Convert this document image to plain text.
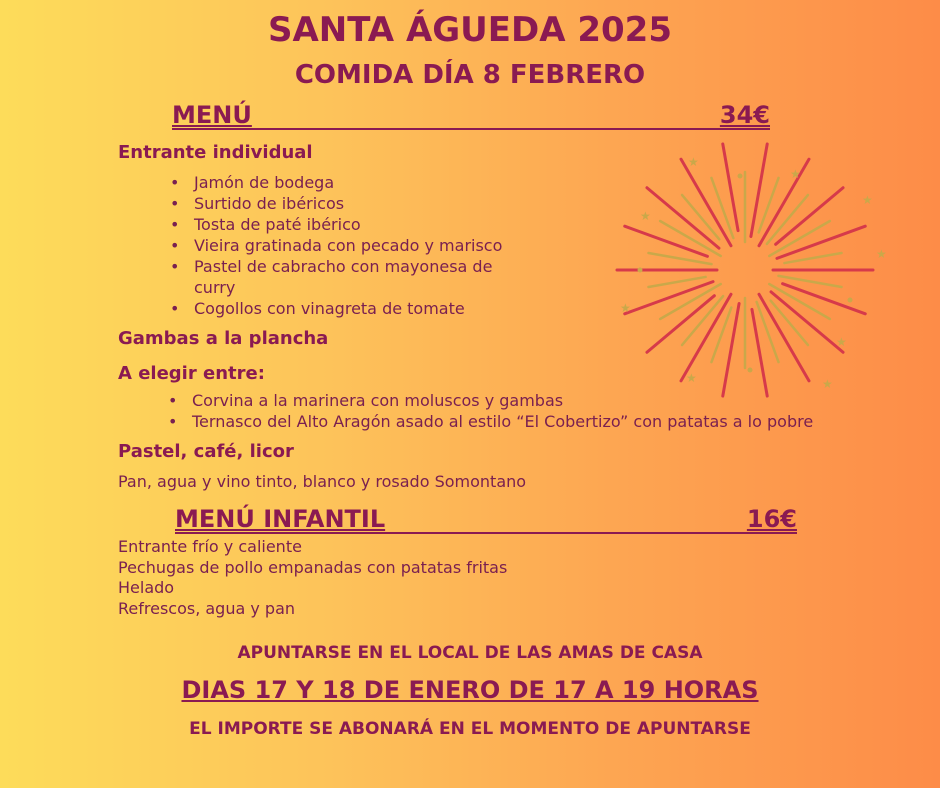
SANTA ÁGUEDA 2025
COMIDA DÍA 8 FEBRERO
MENÚ	34€
Entrante individual
• Jamón de bodega
• Surtido de ibéricos
• Tosta de paté ibérico
• Vieira gratinada con pecado y marisco
• Pastel de cabracho con mayonesa de curry
• Cogollos con vinagreta de tomate
Gambas a la plancha
A elegir entre:
• Corvina a la marinera con moluscos y gambas
• Ternasco del Alto Aragón asado al estilo “El Cobertizo” con patatas a lo pobre
Pastel, café, licor
Pan, agua y vino tinto, blanco y rosado Somontano
MENÚ INFANTIL	16€
Entrante frío y caliente
Pechugas de pollo empanadas con patatas fritas
Helado
Refrescos, agua y pan
APUNTARSE EN EL LOCAL DE LAS AMAS DE CASA
DIAS 17 Y 18 DE ENERO DE 17 A 19 HORAS
EL IMPORTE SE ABONARÁ EN EL MOMENTO DE APUNTARSE
★
★
★
★
★
★
★	★
★
